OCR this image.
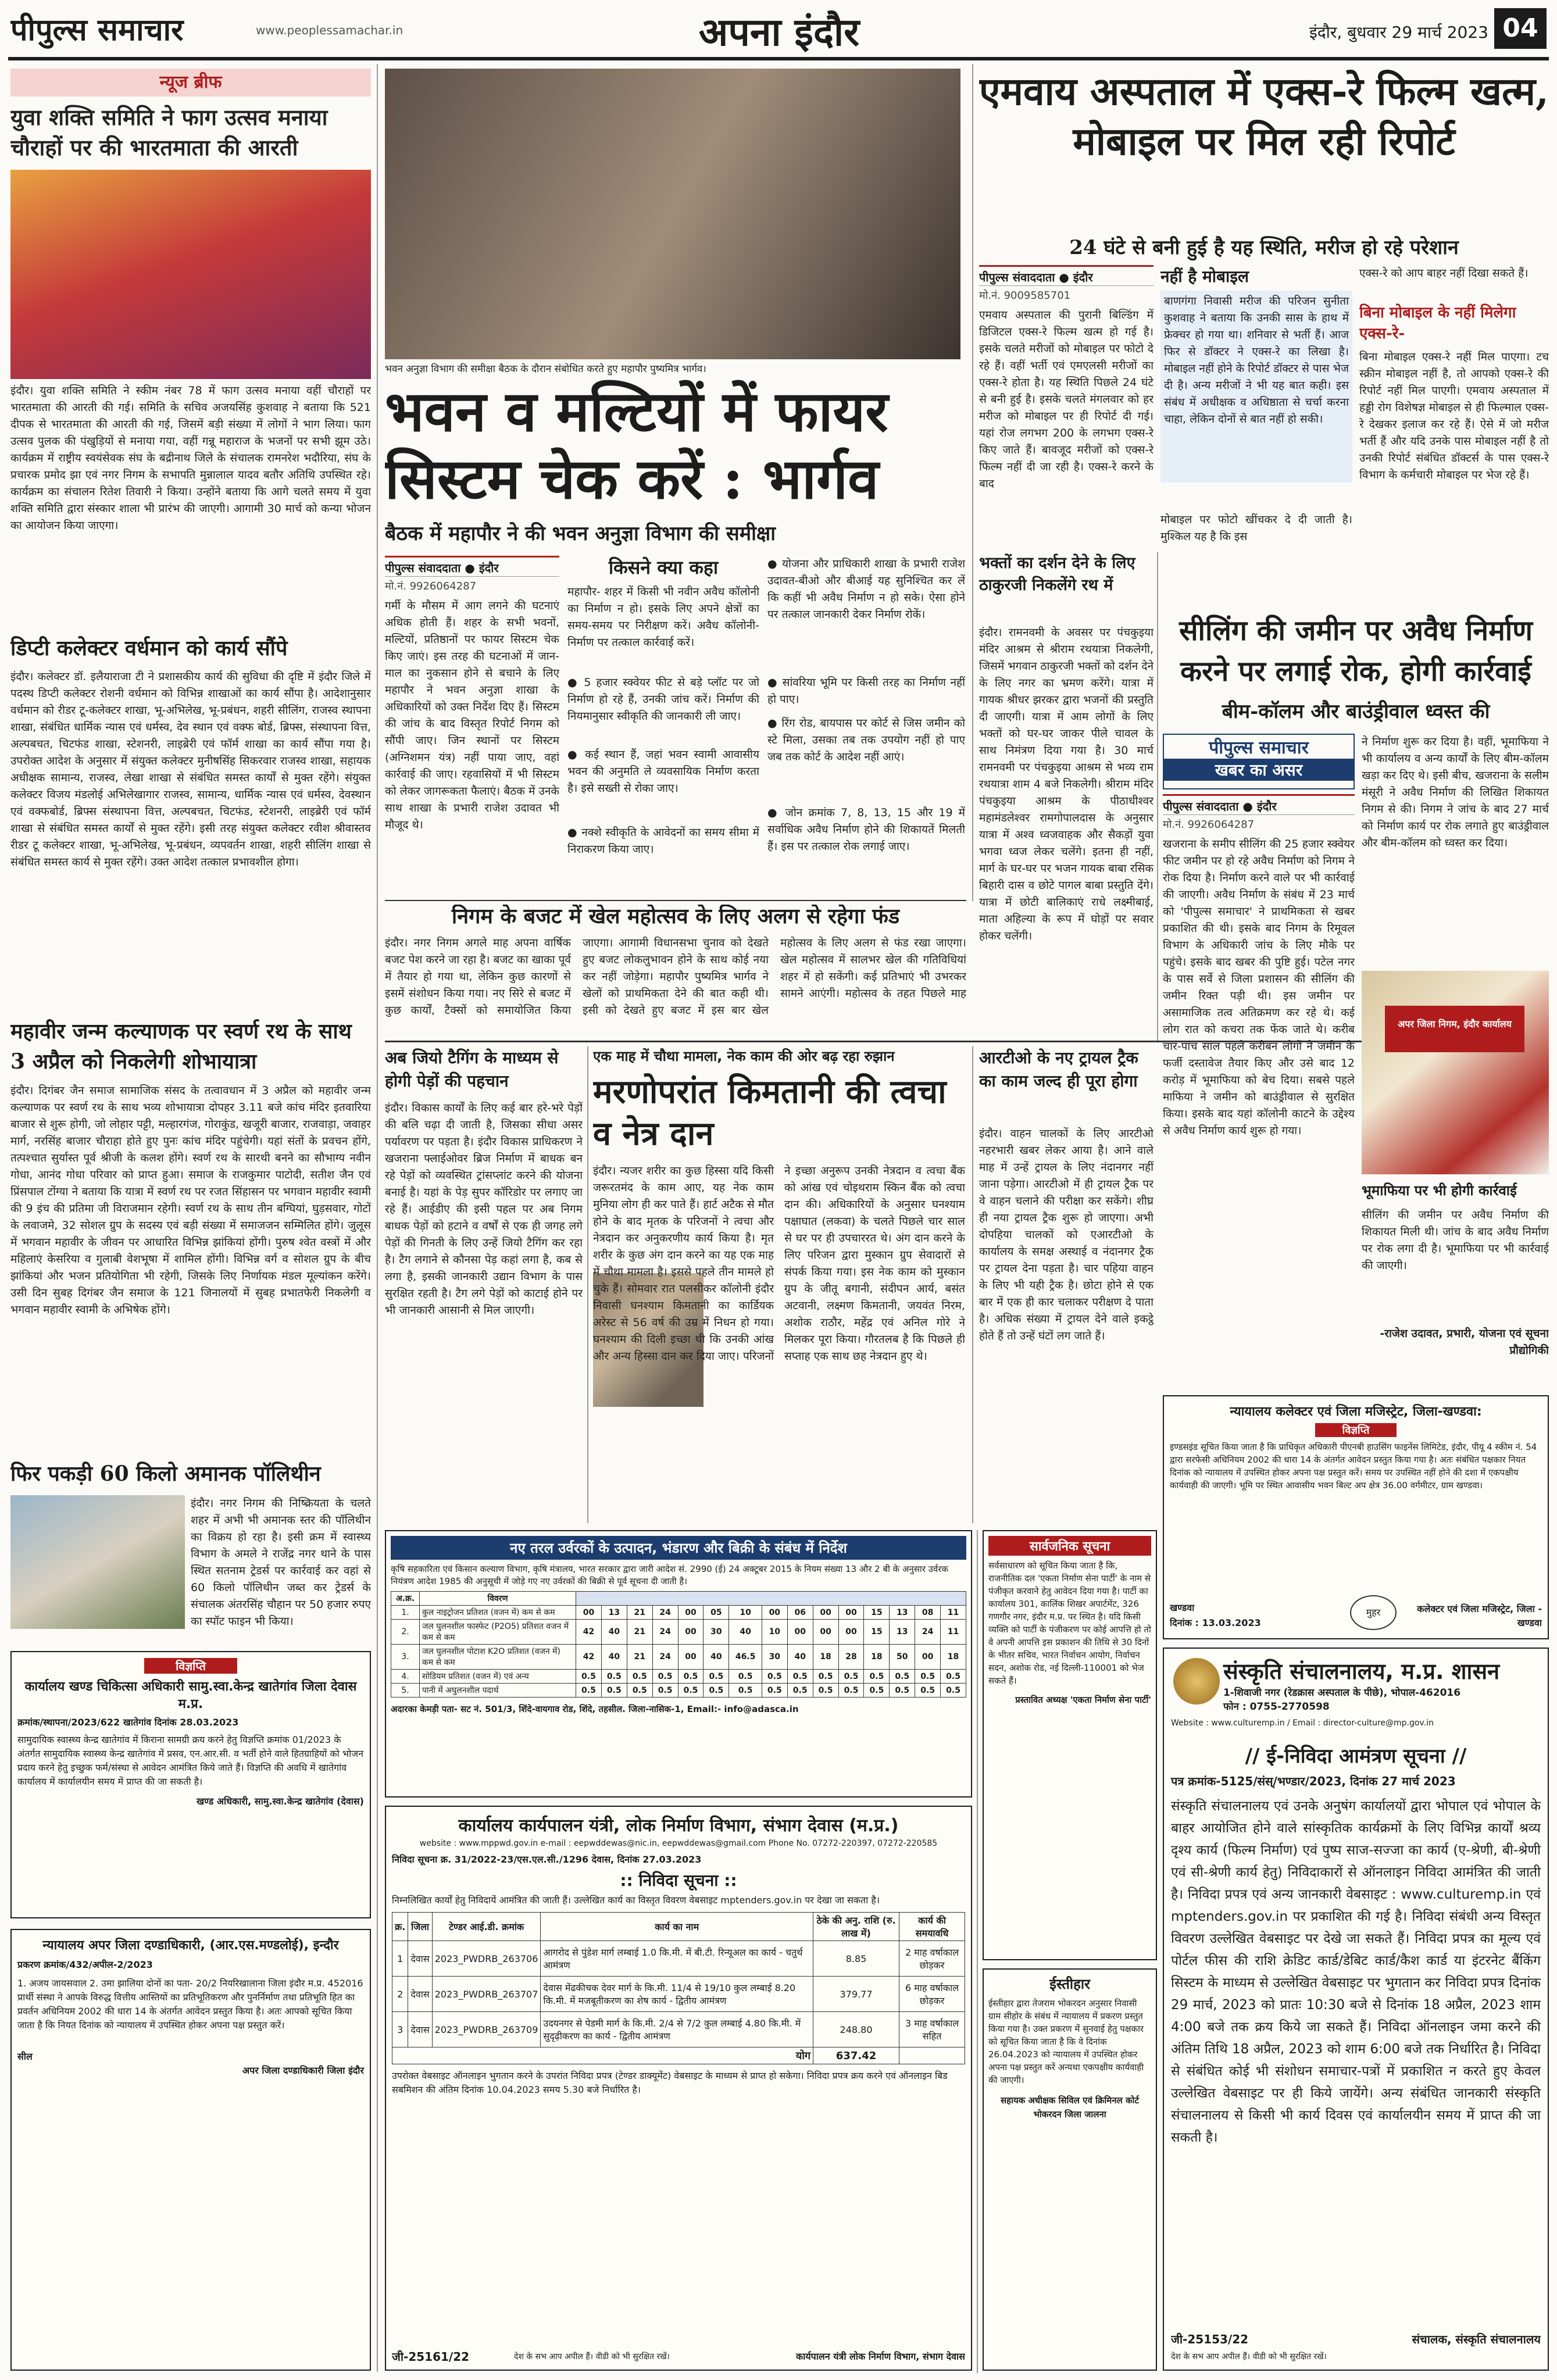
पीपुल्स समाचार	www.peoplessamachar.in	अपना इंदौर	इंदौर, बुधवार 29 मार्च 2023 04
न्यूज ब्रीफ
युवा शक्ति समिति ने फाग उत्सव मनाया चौराहों पर की भारतमाता की आरती
इंदौर। युवा शक्ति समिति ने स्कीम नंबर 78 में फाग उत्सव मनाया वहीं चौराहों पर भारतमाता की आरती की गई। समिति के सचिव अजयसिंह कुशवाह ने बताया कि 521 दीपक से भारतमाता की आरती की गई, जिसमें बड़ी संख्या में लोगों ने भाग लिया। फाग उत्सव पुलक की पंखुड़ियों से मनाया गया, वहीं गन्नू महाराज के भजनों पर सभी झूम उठे। कार्यक्रम में राष्ट्रीय स्वयंसेवक संघ के बद्रीनाथ जिले के संचालक रामनरेश भदौरिया, संघ के प्रचारक प्रमोद झा एवं नगर निगम के सभापति मुन्नालाल यादव बतौर अतिथि उपस्थित रहे। कार्यक्रम का संचालन रितेश तिवारी ने किया। उन्होंने बताया कि आगे चलते समय में युवा शक्ति समिति द्वारा संस्कार शाला भी प्रारंभ की जाएगी। आगामी 30 मार्च को कन्या भोजन का आयोजन किया जाएगा।
डिप्टी कलेक्टर वर्धमान को कार्य सौंपे
इंदौर। कलेक्टर डॉ. इलैयाराजा टी ने प्रशासकीय कार्य की सुविधा की दृष्टि में इंदौर जिले में पदस्थ डिप्टी कलेक्टर रोशनी वर्धमान को विभिन्न शाखाओं का कार्य सौंपा है। आदेशानुसार वर्धमान को रीडर टू-कलेक्टर शाखा, भू-अभिलेख, भू-प्रबंधन, शहरी सीलिंग, राजस्व स्थापना शाखा, संबंधित धार्मिक न्यास एवं धर्मस्व, देव स्थान एवं वक्फ बोर्ड, ब्रिफ्स, संस्थापना वित्त, अल्पबचत, चिटफंड शाखा, स्टेशनरी, लाइब्रेरी एवं फॉर्म शाखा का कार्य सौंपा गया है। उपरोक्त आदेश के अनुसार में संयुक्त कलेक्टर मुनीषसिंह सिकरवार राजस्व शाखा, सहायक अधीक्षक सामान्य, राजस्व, लेखा शाखा से संबंधित समस्त कार्यों से मुक्त रहेंगे। संयुक्त कलेक्टर विजय मंडलोई अभिलेखागार राजस्व, सामान्य, धार्मिक न्यास एवं धर्मस्व, देवस्थान एवं वक्फबोर्ड, ब्रिफ्स संस्थापना वित्त, अल्पबचत, चिटफंड, स्टेशनरी, लाइब्रेरी एवं फॉर्म शाखा से संबंधित समस्त कार्यों से मुक्त रहेंगे। इसी तरह संयुक्त कलेक्टर रवीश श्रीवास्तव रीडर टू कलेक्टर शाखा, भू-अभिलेख, भू-प्रबंधन, व्यपवर्तन शाखा, शहरी सीलिंग शाखा से संबंधित समस्त कार्य से मुक्त रहेंगे। उक्त आदेश तत्काल प्रभावशील होगा।
महावीर जन्म कल्याणक पर स्वर्ण रथ के साथ 3 अप्रैल को निकलेगी शोभायात्रा
इंदौर। दिगंबर जैन समाज सामाजिक संसद के तत्वावधान में 3 अप्रैल को महावीर जन्म कल्याणक पर स्वर्ण रथ के साथ भव्य शोभायात्रा दोपहर 3.11 बजे कांच मंदिर इतवारिया बाजार से शुरू होगी, जो लोहार पट्टी, मल्हारगंज, गोराकुंड, खजूरी बाजार, राजवाड़ा, जवाहर मार्ग, नरसिंह बाजार चौराहा होते हुए पुनः कांच मंदिर पहुंचेगी। यहां संतों के प्रवचन होंगे, तत्पश्चात सुर्यास्त पूर्व श्रीजी के कलश होंगे। स्वर्ण रथ के सारथी बनने का सौभाग्य नवीन गोधा, आनंद गोधा परिवार को प्राप्त हुआ। समाज के राजकुमार पाटोदी, सतीश जैन एवं प्रिंसपाल टोंग्या ने बताया कि यात्रा में स्वर्ण रथ पर रजत सिंहासन पर भगवान महावीर स्वामी की 9 इंच की प्रतिमा जी विराजमान रहेगी। स्वर्ण रथ के साथ तीन बग्घियां, घुड़सवार, गोटों के लवाजमे, 32 सोशल ग्रुप के सदस्य एवं बड़ी संख्या में समाजजन सम्मिलित होंगे। जुलूस में भगवान महावीर के जीवन पर आधारित विभिन्न झांकियां होंगी। पुरुष श्वेत वस्त्रों में और महिलाएं केसरिया व गुलाबी वेशभूषा में शामिल होंगी। विभिन्न वर्ग व सोशल ग्रुप के बीच झांकियां और भजन प्रतियोगिता भी रहेगी, जिसके लिए निर्णायक मंडल मूल्यांकन करेंगे। उसी दिन सुबह दिगंबर जैन समाज के 121 जिनालयों में सुबह प्रभातफेरी निकलेगी व भगवान महावीर स्वामी के अभिषेक होंगे।
फिर पकड़ी 60 किलो अमानक पॉलिथीन
इंदौर। नगर निगम की निष्क्रियता के चलते शहर में अभी भी अमानक स्तर की पॉलिथीन का विक्रय हो रहा है। इसी क्रम में स्वास्थ्य विभाग के अमले ने राजेंद्र नगर थाने के पास स्थित सतनाम ट्रेडर्स पर कार्रवाई कर वहां से 60 किलो पॉलिथीन जब्त कर ट्रेडर्स के संचालक अंतरसिंह चौहान पर 50 हजार रुपए का स्पॉट फाइन भी किया।
विज्ञप्ति
कार्यालय खण्ड चिकित्सा अधिकारी सामु.स्वा.केन्द्र खातेगांव जिला देवास म.प्र.
क्रमांक/स्थापना/2023/622 खातेगांव दिनांक 28.03.2023
सामुदायिक स्वास्थ्य केन्द्र खातेगांव में किराना सामग्री क्रय करने हेतु विज्ञप्ति क्रमांक 01/2023 के अंतर्गत सामुदायिक स्वास्थ्य केन्द्र खातेगांव में प्रसव, एन.आर.सी. व भर्ती होने वाले हितग्राहियों को भोजन प्रदाय करने हेतु इच्छुक फर्म/संस्था से आवेदन आमंत्रित किये जाते हैं। विज्ञप्ति की अवधि में खातेगांव कार्यालय में कार्यालयीन समय में प्राप्त की जा सकती है।
खण्ड अधिकारी, सामु.स्वा.केन्द्र खातेगांव (देवास)
न्यायालय अपर जिला दण्डाधिकारी, (आर.एस.मण्डलोई), इन्दौर
प्रकरण क्रमांक/432/अपील-2/2023
1. अजय जायसवाल 2. उमा झालिया दोनों का पता- 20/2 नियरिखालाना जिला इंदौर म.प्र. 452016 प्रार्थी संस्था ने आपके विरुद्ध वित्तीय आस्तियों का प्रतिभूतिकरण और पुनर्निर्माण तथा प्रतिभूति हित का प्रवर्तन अधिनियम 2002 की धारा 14 के अंतर्गत आवेदन प्रस्तुत किया है। अतः आपको सूचित किया जाता है कि नियत दिनांक को न्यायालय में उपस्थित होकर अपना पक्ष प्रस्तुत करें।
सील
अपर जिला दण्डाधिकारी जिला इंदौर
भवन अनुज्ञा विभाग की समीक्षा बैठक के दौरान संबोधित करते हुए महापौर पुष्यमित्र भार्गव।
भवन व मल्टियों में फायर सिस्टम चेक करें : भार्गव
बैठक में महापौर ने की भवन अनुज्ञा विभाग की समीक्षा
पीपुल्स संवाददाता ● इंदौर
मो.नं. 9926064287
गर्मी के मौसम में आग लगने की घटनाएं अधिक होती हैं। शहर के सभी भवनों, मल्टियों, प्रतिष्ठानों पर फायर सिस्टम चेक किए जाएं। इस तरह की घटनाओं में जान-माल का नुकसान होने से बचाने के लिए महापौर ने भवन अनुज्ञा शाखा के अधिकारियों को उक्त निर्देश दिए हैं। सिस्टम की जांच के बाद विस्तृत रिपोर्ट निगम को सौंपी जाए। जिन स्थानों पर सिस्टम (अग्निशमन यंत्र) नहीं पाया जाए, वहां कार्रवाई की जाए। रहवासियों में भी सिस्टम को लेकर जागरूकता फैलाएं। बैठक में उनके साथ शाखा के प्रभारी राजेश उदावत भी मौजूद थे।
किसने क्या कहा
महापौर- शहर में किसी भी नवीन अवैध कॉलोनी का निर्माण न हो। इसके लिए अपने क्षेत्रों का समय-समय पर निरीक्षण करें। अवैध कॉलोनी-निर्माण पर तत्काल कार्रवाई करें।
● 5 हजार स्क्वेयर फीट से बड़े प्लॉट पर जो निर्माण हो रहे हैं, उनकी जांच करें। निर्माण की नियमानुसार स्वीकृति की जानकारी ली जाए।
● कई स्थान हैं, जहां भवन स्वामी आवासीय भवन की अनुमति ले व्यवसायिक निर्माण करता है। इसे सख्ती से रोका जाए।
● नक्शे स्वीकृति के आवेदनों का समय सीमा में निराकरण किया जाए।
● योजना और प्राधिकारी शाखा के प्रभारी राजेश उदावत-बीओ और बीआई यह सुनिश्चित कर लें कि कहीं भी अवैध निर्माण न हो सके। ऐसा होने पर तत्काल जानकारी देकर निर्माण रोकें।
● सांवरिया भूमि पर किसी तरह का निर्माण नहीं हो पाए।
● रिंग रोड, बायपास पर कोर्ट से जिस जमीन को स्टे मिला, उसका तब तक उपयोग नहीं हो पाए जब तक कोर्ट के आदेश नहीं आएं।
● जोन क्रमांक 7, 8, 13, 15 और 19 में सर्वाधिक अवैध निर्माण होने की शिकायतें मिलती हैं। इस पर तत्काल रोक लगाई जाए।
निगम के बजट में खेल महोत्सव के लिए अलग से रहेगा फंड
इंदौर। नगर निगम अगले माह अपना वार्षिक बजट पेश करने जा रहा है। बजट का खाका पूर्व में तैयार हो गया था, लेकिन कुछ कारणों से इसमें संशोधन किया गया। नए सिरे से बजट में कुछ कार्यों, टैक्सों को समायोजित किया जाएगा। आगामी विधानसभा चुनाव को देखते हुए बजट लोकलुभावन होने के साथ कोई नया कर नहीं जोड़ेगा। महापौर पुष्यमित्र भार्गव ने खेलों को प्राथमिकता देने की बात कही थी। इसी को देखते हुए बजट में इस बार खेल महोत्सव के लिए अलग से फंड रखा जाएगा। खेल महोत्सव में सालभर खेल की गतिविधियां शहर में हो सकेंगी। कई प्रतिभाएं भी उभरकर सामने आएंगी। महोत्सव के तहत पिछले माह
अब जियो टैगिंग के माध्यम से होगी पेड़ों की पहचान
इंदौर। विकास कार्यों के लिए कई बार हरे-भरे पेड़ों की बलि चढ़ा दी जाती है, जिसका सीधा असर पर्यावरण पर पड़ता है। इंदौर विकास प्राधिकरण ने खजराना फ्लाईओवर ब्रिज निर्माण में बाधक बन रहे पेड़ों को व्यवस्थित ट्रांसप्लांट करने की योजना बनाई है। यहां के पेड़ सुपर कॉरिडोर पर लगाए जा रहे हैं। आईडीए की इसी पहल पर अब निगम बाधक पेड़ों को हटाने व वर्षों से एक ही जगह लगे पेड़ों की गिनती के लिए उन्हें जियो टैगिंग कर रहा है। टैग लगाने से कौनसा पेड़ कहां लगा है, कब से लगा है, इसकी जानकारी उद्यान विभाग के पास सुरक्षित रहती है। टैग लगे पेड़ों को काटाई होने पर भी जानकारी आसानी से मिल जाएगी।
एक माह में चौथा मामला, नेक काम की ओर बढ़ रहा रुझान
मरणोपरांत किमतानी की त्वचा व नेत्र दान
इंदौर। न्यजर शरीर का कुछ हिस्सा यदि किसी जरूरतमंद के काम आए, यह नेक काम मुनिया लोग ही कर पाते हैं। हार्ट अटैक से मौत होने के बाद मृतक के परिजनों ने त्वचा और नेत्रदान कर अनुकरणीय कार्य किया है। मृत शरीर के कुछ अंग दान करने का यह एक माह में चौथा मामला है। इससे पहले तीन मामले हो चुके हैं। सोमवार रात पलसीकर कॉलोनी इंदौर निवासी घनश्याम किमतानी का कार्डियक अरेस्ट से 56 वर्ष की उम्र में निधन हो गया। घनश्याम की दिली इच्छा थी कि उनकी आंख और अन्य हिस्सा दान कर दिया जाए। परिजनों ने इच्छा अनुरूप उनकी नेत्रदान व त्वचा बैंक को आंख एवं चोइथराम स्किन बैंक को त्वचा दान की। अधिकारियों के अनुसार घनश्याम पक्षाघात (लकवा) के चलते पिछले चार साल से घर पर ही उपचाररत थे। अंग दान करने के लिए परिजन द्वारा मुस्कान ग्रुप सेवादारों से संपर्क किया गया। इस नेक काम को मुस्कान ग्रुप के जीतू बगानी, संदीपन आर्य, बसंत अटवानी, लक्ष्मण किमतानी, जयवंत निरम, अशोक राठौर, महेंद्र एवं अनिल गोरे ने मिलकर पूरा किया। गौरतलब है कि पिछले ही सप्ताह एक साथ छह नेत्रदान हुए थे।
आरटीओ के नए ट्रायल ट्रैक का काम जल्द ही पूरा होगा
इंदौर। वाहन चालकों के लिए आरटीओ नहरभारी खबर लेकर आया है। आने वाले माह में उन्हें ट्रायल के लिए नंदानगर नहीं जाना पड़ेगा। आरटीओ में ही ट्रायल ट्रैक पर वे वाहन चलाने की परीक्षा कर सकेंगे। शीघ्र ही नया ट्रायल ट्रैक शुरू हो जाएगा। अभी दोपहिया चालकों को एआरटीओ के कार्यालय के समक्ष अस्थाई व नंदानगर ट्रैक पर ट्रायल देना पड़ता है। चार पहिया वाहन के लिए भी यही ट्रैक है। छोटा होने से एक बार में एक ही कार चलाकर परीक्षण दे पाता है। अधिक संख्या में ट्रायल देने वाले इकट्ठे होते हैं तो उन्हें घंटों लग जाते हैं।
नए तरल उर्वरकों के उत्पादन, भंडारण और बिक्री के संबंध में निर्देश
कृषि सहकारिता एवं किसान कल्याण विभाग, कृषि मंत्रालय, भारत सरकार द्वारा जारी आदेश सं. 2990 (ई) 24 अक्टूबर 2015 के नियम संख्या 13 और 2 बी के अनुसार उर्वरक नियंत्रण आदेश 1985 की अनुसूची में जोड़े गए नए उर्वरकों की बिक्री से पूर्व सूचना दी जाती है।
अ.क्र.	विवरण															
1.	कुल नाइट्रोजन प्रतिशत (वजन में) कम से कम	00	13	21	24	00	05	10	00	06	00	00	15	13	08	11
2.	जल घुलनशील फास्फेट (P2O5) प्रतिशत वजन में कम से कम	42	40	21	24	00	30	40	10	00	00	00	15	13	24	11
3.	जल घुलनशील पोटाश K2O प्रतिशत (वजन में) कम से कम	42	40	21	24	00	40	46.5	30	40	18	28	18	50	00	18
4.	सोडियम प्रतिशत (वजन में) एवं अन्य	0.5	0.5	0.5	0.5	0.5	0.5	0.5	0.5	0.5	0.5	0.5	0.5	0.5	0.5	0.5
5.	पानी में अघुलनशील पदार्थ	0.5	0.5	0.5	0.5	0.5	0.5	0.5	0.5	0.5	0.5	0.5	0.5	0.5	0.5	0.5
अदारका केमड़ी पता- सट नं. 501/3, शिंदे-वायगाव रोड, शिंदे, तहसील. जिला-नासिक-1, Email:- info@adasca.in
कार्यालय कार्यपालन यंत्री, लोक निर्माण विभाग, संभाग देवास (म.प्र.)
website : www.mppwd.gov.in e-mail : eepwddewas@nic.in, eepwddewas@gmail.com Phone No. 07272-220397, 07272-220585
निविदा सूचना क्र. 31/2022-23/एस.एल.सी./1296 देवास, दिनांक 27.03.2023
:: निविदा सूचना ::
निम्नलिखित कार्यों हेतु निविदायें आमंत्रित की जाती हैं। उल्लेखित कार्य का विस्तृत विवरण वेबसाइट mptenders.gov.in पर देखा जा सकता है।
क्र.	जिला	टेण्डर आई.डी. क्रमांक	कार्य का नाम	ठेके की अनु. राशि (रु. लाख में)	कार्य की समयावधि
1	देवास	2023_PWDRB_263706	आगरोद से पुंडेश मार्ग लम्बाई 1.0 कि.मी. में बी.टी. रिन्यूअल का कार्य - चतुर्थ आमंत्रण	8.85	2 माह वर्षाकाल छोड़कर
2	देवास	2023_PWDRB_263707	देवास मेंढकीचक देवर मार्ग के कि.मी. 11/4 से 19/10 कुल लम्बाई 8.20 कि.मी. में मजबूतीकरण का शेष कार्य - द्वितीय आमंत्रण	379.77	6 माह वर्षाकाल छोड़कर
3	देवास	2023_PWDRB_263709	उदयनगर से पेडमी मार्ग के कि.मी. 2/4 से 7/2 कुल लम्बाई 4.80 कि.मी. में सुदृढ़ीकरण का कार्य - द्वितीय आमंत्रण	248.80	3 माह वर्षाकाल सहित
योग				637.42	
उपरोक्त वेबसाइट ऑनलाइन भुगतान करने के उपरांत निविदा प्रपत्र (टेण्डर डाक्यूमेंट) वेबसाइट के माध्यम से प्राप्त हो सकेगा। निविदा प्रपत्र क्रय करने एवं ऑनलाइन बिड सबमिशन की अंतिम दिनांक 10.04.2023 समय 5.30 बजे निर्धारित है।
जी-25161/22	देश के सभ आप अपील हैं। वीडी को भी सुरक्षित रखें।	कार्यपालन यंत्री लोक निर्माण विभाग, संभाग देवास
सार्वजनिक सूचना
सर्वसाधारण को सूचित किया जाता है कि, राजनीतिक दल 'एकता निर्माण सेना पार्टी' के नाम से पंजीकृत करवाने हेतु आवेदन दिया गया है। पार्टी का कार्यालय 301, कालिंक शिखर अपार्टमेंट, 326 गणगौर नगर, इंदौर म.प्र. पर स्थित है। यदि किसी व्यक्ति को पार्टी के पंजीकरण पर कोई आपत्ति हो तो वे अपनी आपत्ति इस प्रकाशन की तिथि से 30 दिनों के भीतर सचिव, भारत निर्वाचन आयोग, निर्वाचन सदन, अशोक रोड, नई दिल्ली-110001 को भेज सकते हैं।
प्रस्तावित अध्यक्ष 'एकता निर्माण सेना पार्टी'
ईस्तीहार
ईस्तीहार द्वारा तेजराम भोकरदन अनुसार निवासी ग्राम सीहोर के संबंध में न्यायालय में प्रकरण प्रस्तुत किया गया है। उक्त प्रकरण में सुनवाई हेतु पक्षकार को सूचित किया जाता है कि वे दिनांक 26.04.2023 को न्यायालय में उपस्थित होकर अपना पक्ष प्रस्तुत करें अन्यथा एकपक्षीय कार्यवाही की जाएगी।
सहायक अधीक्षक सिविल एवं क्रिमिनल कोर्ट भोकरदन जिला जालना
एमवाय अस्पताल में एक्स-रे फिल्म खत्म, मोबाइल पर मिल रही रिपोर्ट
24 घंटे से बनी हुई है यह स्थिति, मरीज हो रहे परेशान
पीपुल्स संवाददाता ● इंदौर
मो.नं. 9009585701
एमवाय अस्पताल की पुरानी बिल्डिंग में डिजिटल एक्स-रे फिल्म खत्म हो गई है। इसके चलते मरीजों को मोबाइल पर फोटो दे रहे हैं। वहीं भर्ती एवं एमएलसी मरीजों का एक्स-रे होता है। यह स्थिति पिछले 24 घंटे से बनी हुई है। इसके चलते मंगलवार को हर मरीज को मोबाइल पर ही रिपोर्ट दी गई। यहां रोज लगभग 200 के लगभग एक्स-रे किए जाते हैं। बावजूद मरीजों को एक्स-रे फिल्म नहीं दी जा रही है। एक्स-रे करने के बाद
नहीं है मोबाइल
बाणगंगा निवासी मरीज की परिजन सुनीता कुशवाह ने बताया कि उनकी सास के हाथ में फ्रेक्चर हो गया था। शनिवार से भर्ती हैं। आज फिर से डॉक्टर ने एक्स-रे का लिखा है। मोबाइल नहीं होने के रिपोर्ट डॉक्टर से पास भेज दी है। अन्य मरीजों ने भी यह बात कही। इस संबंध में अधीक्षक व अधिष्ठाता से चर्चा करना चाहा, लेकिन दोनों से बात नहीं हो सकी।
मोबाइल पर फोटो खींचकर दे दी जाती है। मुश्किल यह है कि इस
एक्स-रे को आप बाहर नहीं दिखा सकते हैं।
बिना मोबाइल के नहीं मिलेगा एक्स-रे-
बिना मोबाइल एक्स-रे नहीं मिल पाएगा। टच स्क्रीन मोबाइल नहीं है, तो आपको एक्स-रे की रिपोर्ट नहीं मिल पाएगी। एमवाय अस्पताल में हड्डी रोग विशेषज्ञ मोबाइल से ही फिल्माल एक्स-रे देखकर इलाज कर रहे हैं। ऐसे में जो मरीज भर्ती हैं और यदि उनके पास मोबाइल नहीं है तो उनकी रिपोर्ट संबंधित डॉक्टर्स के पास एक्स-रे विभाग के कर्मचारी मोबाइल पर भेज रहे हैं।
भक्तों का दर्शन देने के लिए ठाकुरजी निकलेंगे रथ में
इंदौर। रामनवमी के अवसर पर पंचकुइया मंदिर आश्रम से श्रीराम रथयात्रा निकलेगी, जिसमें भगवान ठाकुरजी भक्तों को दर्शन देने के लिए नगर का भ्रमण करेंगे। यात्रा में गायक श्रीधर झरकर द्वारा भजनों की प्रस्तुति दी जाएगी। यात्रा में आम लोगों के लिए भक्तों को घर-घर जाकर पीले चावल के साथ निमंत्रण दिया गया है। 30 मार्च रामनवमी पर पंचकुइया आश्रम से भव्य राम रथयात्रा शाम 4 बजे निकलेगी। श्रीराम मंदिर पंचकुइया आश्रम के पीठाधीश्वर महामंडलेश्वर रामगोपालदास के अनुसार यात्रा में अश्व ध्वजवाहक और सैकड़ों युवा भगवा ध्वज लेकर चलेंगे। इतना ही नहीं, मार्ग के घर-घर पर भजन गायक बाबा रसिक बिहारी दास व छोटे पागल बाबा प्रस्तुति देंगे। यात्रा में छोटी बालिकाएं राधे लक्ष्मीबाई, माता अहिल्या के रूप में घोड़ों पर सवार होकर चलेंगी।
सीलिंग की जमीन पर अवैध निर्माण करने पर लगाई रोक, होगी कार्रवाई
बीम-कॉलम और बाउंड्रीवाल ध्वस्त की
पीपुल्स समाचार
खबर का असर
पीपुल्स संवाददाता ● इंदौर
मो.नं. 9926064287
खजराना के समीप सीलिंग की 25 हजार स्क्वेयर फीट जमीन पर हो रहे अवैध निर्माण को निगम ने रोक दिया है। निर्माण करने वाले पर भी कार्रवाई की जाएगी। अवैध निर्माण के संबंध में 23 मार्च को 'पीपुल्स समाचार' ने प्राथमिकता से खबर प्रकाशित की थी। इसके बाद निगम के रिमूवल विभाग के अधिकारी जांच के लिए मौके पर पहुंचे। इसके बाद खबर की पुष्टि हुई। पटेल नगर के पास सर्वे से जिला प्रशासन की सीलिंग की जमीन रिक्त पड़ी थी। इस जमीन पर असामाजिक तत्व अतिक्रमण कर रहे थे। कई लोग रात को कचरा तक फेंक जाते थे। करीब चार-पांच साल पहले करीबन लोगों ने जमीन के फर्जी दस्तावेज तैयार किए और उसे बाद 12 करोड़ में भूमाफिया को बेच दिया। सबसे पहले माफिया ने जमीन को बाउंड्रीवाल से सुरक्षित किया। इसके बाद यहां कॉलोनी काटने के उद्देश्य से अवैध निर्माण कार्य शुरू हो गया।
ने निर्माण शुरू कर दिया है। वहीं, भूमाफिया ने भी कार्यालय व अन्य कार्यों के लिए बीम-कॉलम खड़ा कर दिए थे। इसी बीच, खजराना के सलीम मंसूरी ने अवैध निर्माण की लिखित शिकायत निगम से की। निगम ने जांच के बाद 27 मार्च को निर्माण कार्य पर रोक लगाते हुए बाउंड्रीवाल और बीम-कॉलम को ध्वस्त कर दिया।
अपर जिला निगम, इंदौर कार्यालय
भूमाफिया पर भी होगी कार्रवाई
सीलिंग की जमीन पर अवैध निर्माण की शिकायत मिली थी। जांच के बाद अवैध निर्माण पर रोक लगा दी है। भूमाफिया पर भी कार्रवाई की जाएगी।
-राजेश उदावत, प्रभारी, योजना एवं सूचना प्रौद्योगिकी
न्यायालय कलेक्टर एवं जिला मजिस्ट्रेट, जिला-खण्डवा:
विज्ञप्ति
इण्डसइंड सूचित किया जाता है कि प्राधिकृत अधिकारी पीएनबी हाउसिंग फाइनेंस लिमिटेड, इंदौर, पीयू 4 स्कीम नं. 54 द्वारा सरफेसी अधिनियम 2002 की धारा 14 के अंतर्गत आवेदन प्रस्तुत किया गया है। अतः संबंधित पक्षकार नियत दिनांक को न्यायालय में उपस्थित होकर अपना पक्ष प्रस्तुत करें। समय पर उपस्थित नहीं होने की दशा में एकपक्षीय कार्यवाही की जाएगी। भूमि पर स्थित आवासीय भवन बिल्ट अप क्षेत्र 36.00 वर्गमीटर, ग्राम खण्डवा।
खण्डवा
दिनांक : 13.03.2023
मुहर	कलेक्टर एवं जिला मजिस्ट्रेट, जिला - खण्डवा
संस्कृति संचालनालय, म.प्र. शासन
1-शिवाजी नगर (रेडक्रास अस्पताल के पीछे), भोपाल-462016
फोन : 0755-2770598
Website : www.culturemp.in / Email : director-culture@mp.gov.in
// ई-निविदा आमंत्रण सूचना //
पत्र क्रमांक-5125/संस्/भण्डार/2023, दिनांक 27 मार्च 2023
संस्कृति संचालनालय एवं उनके अनुषंग कार्यालयों द्वारा भोपाल एवं भोपाल के बाहर आयोजित होने वाले सांस्कृतिक कार्यक्रमों के लिए विभिन्न कार्यों श्रव्य दृश्य कार्य (फिल्म निर्माण) एवं पुष्प साज-सज्जा का कार्य (ए-श्रेणी, बी-श्रेणी एवं सी-श्रेणी कार्य हेतु) निविदाकारों से ऑनलाइन निविदा आमंत्रित की जाती है। निविदा प्रपत्र एवं अन्य जानकारी वेबसाइट : www.culturemp.in एवं mptenders.gov.in पर प्रकाशित की गई है। निविदा संबंधी अन्य विस्तृत विवरण उल्लेखित वेबसाइट पर देखे जा सकते हैं। निविदा प्रपत्र का मूल्य एवं पोर्टल फीस की राशि क्रेडिट कार्ड/डेबिट कार्ड/कैश कार्ड या इंटरनेट बैंकिंग सिस्टम के माध्यम से उल्लेखित वेबसाइट पर भुगतान कर निविदा प्रपत्र दिनांक 29 मार्च, 2023 को प्रातः 10:30 बजे से दिनांक 18 अप्रैल, 2023 शाम 4:00 बजे तक क्रय किये जा सकते हैं। निविदा ऑनलाइन जमा करने की अंतिम तिथि 18 अप्रैल, 2023 को शाम 6:00 बजे तक निर्धारित है। निविदा से संबंधित कोई भी संशोधन समाचार-पत्रों में प्रकाशित न करते हुए केवल उल्लेखित वेबसाइट पर ही किये जायेंगे। अन्य संबंधित जानकारी संस्कृति संचालनालय से किसी भी कार्य दिवस एवं कार्यालयीन समय में प्राप्त की जा सकती है।
जी-25153/22	संचालक, संस्कृति संचालनालय
देश के सभ आप अपील हैं। वीडी को भी सुरक्षित रखें।
